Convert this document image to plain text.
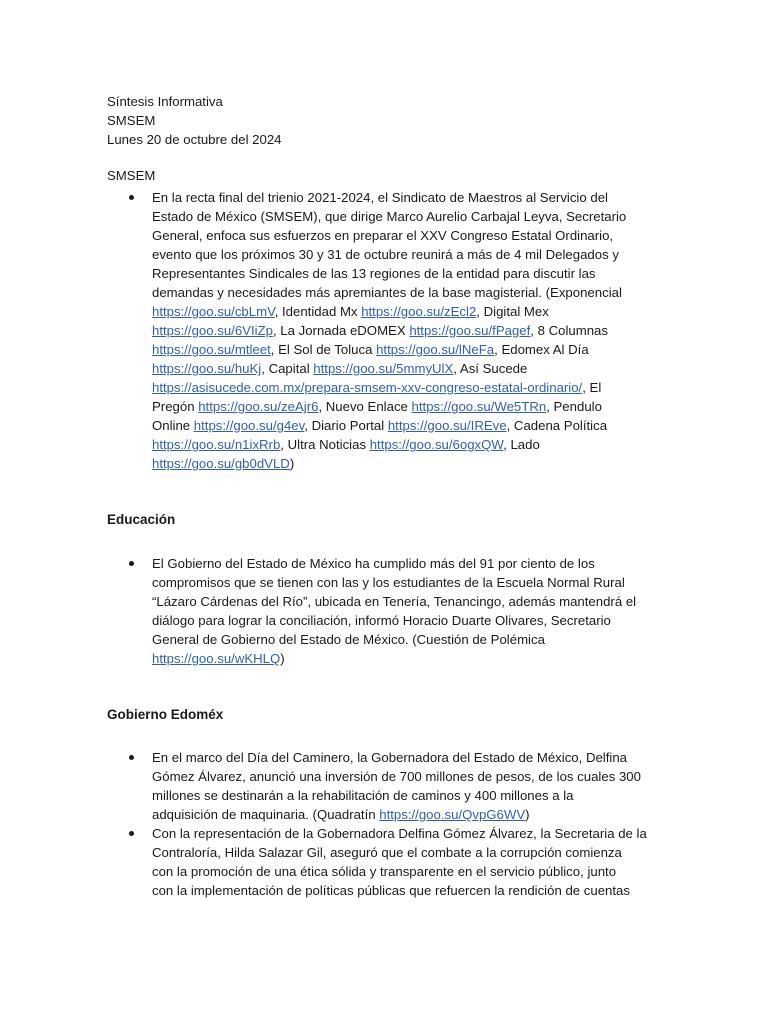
Síntesis Informativa
SMSEM
Lunes 20 de octubre del 2024
SMSEM
En la recta final del trienio 2021-2024, el Sindicato de Maestros al Servicio del
Estado de México (SMSEM), que dirige Marco Aurelio Carbajal Leyva, Secretario
General, enfoca sus esfuerzos en preparar el XXV Congreso Estatal Ordinario,
evento que los próximos 30 y 31 de octubre reunirá a más de 4 mil Delegados y
Representantes Sindicales de las 13 regiones de la entidad para discutir las
demandas y necesidades más apremiantes de la base magisterial. (Exponencial
https://goo.su/cbLmV, Identidad Mx https://goo.su/zEcl2, Digital Mex
https://goo.su/6VIiZp, La Jornada eDOMEX https://goo.su/fPagef, 8 Columnas
https://goo.su/mtleet, El Sol de Toluca https://goo.su/lNeFa, Edomex Al Día
https://goo.su/huKj, Capital https://goo.su/5mmyUlX, Así Sucede
https://asisucede.com.mx/prepara-smsem-xxv-congreso-estatal-ordinario/, El
Pregón https://goo.su/zeAjr6, Nuevo Enlace https://goo.su/We5TRn, Pendulo
Online https://goo.su/g4ev, Diario Portal https://goo.su/IREve, Cadena Política
https://goo.su/n1ixRrb, Ultra Noticias https://goo.su/6ogxQW, Lado
https://goo.su/gb0dVLD)
Educación
El Gobierno del Estado de México ha cumplido más del 91 por ciento de los
compromisos que se tienen con las y los estudiantes de la Escuela Normal Rural
“Lázaro Cárdenas del Río”, ubicada en Tenería, Tenancingo, además mantendrá el
diálogo para lograr la conciliación, informó Horacio Duarte Olivares, Secretario
General de Gobierno del Estado de México. (Cuestión de Polémica
https://goo.su/wKHLQ)
Gobierno Edoméx
En el marco del Día del Caminero, la Gobernadora del Estado de México, Delfina
Gómez Álvarez, anunció una inversión de 700 millones de pesos, de los cuales 300
millones se destinarán a la rehabilitación de caminos y 400 millones a la
adquisición de maquinaria. (Quadratín https://goo.su/QvpG6WV)
Con la representación de la Gobernadora Delfina Gómez Álvarez, la Secretaria de la
Contraloría, Hilda Salazar Gil, aseguró que el combate a la corrupción comienza
con la promoción de una ética sólida y transparente en el servicio público, junto
con la implementación de políticas públicas que refuercen la rendición de cuentas
